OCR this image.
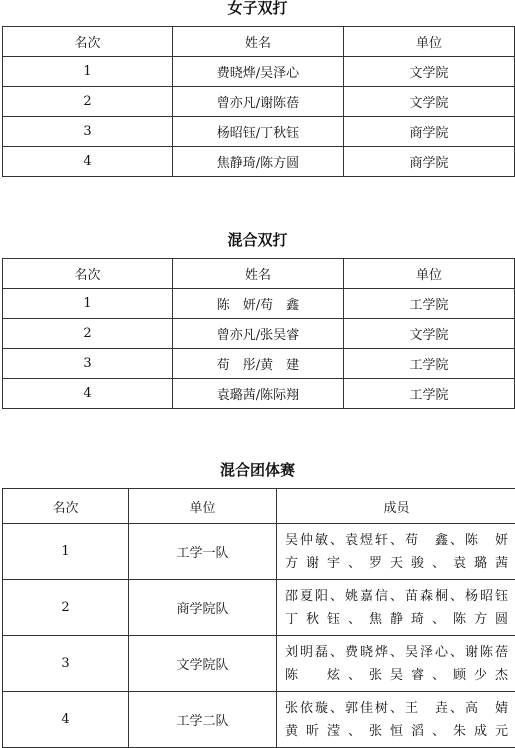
女子双打
名次	姓名	单位
1	费晓烨/吴泽心	文学院
2	曾亦凡/谢陈蓓	文学院
3	杨昭钰/丁秋钰	商学院
4	焦静琦/陈方圆	商学院
混合双打
名次	姓名	单位
1	陈　妍/苟　鑫	工学院
2	曾亦凡/张吴睿	文学院
3	苟　彤/黄　建	工学院
4	袁璐茜/陈际翔	工学院
混合团体赛
名次	单位	成员
1	工学一队	吴仲敏、袁煜轩、苟　鑫、陈　妍
方谢宇、罗天骏、袁璐茜

2	商学院队	邵夏阳、姚嘉信、苗森桐、杨昭钰
丁秋钰、焦静琦、陈方圆

3	文学院队	刘明磊、费晓烨、吴泽心、谢陈蓓
陈　炫、张吴睿、顾少杰

4	工学二队	张依璇、郭佳树、王　垚、高　婧
黄昕滢、张恒滔、朱成元
